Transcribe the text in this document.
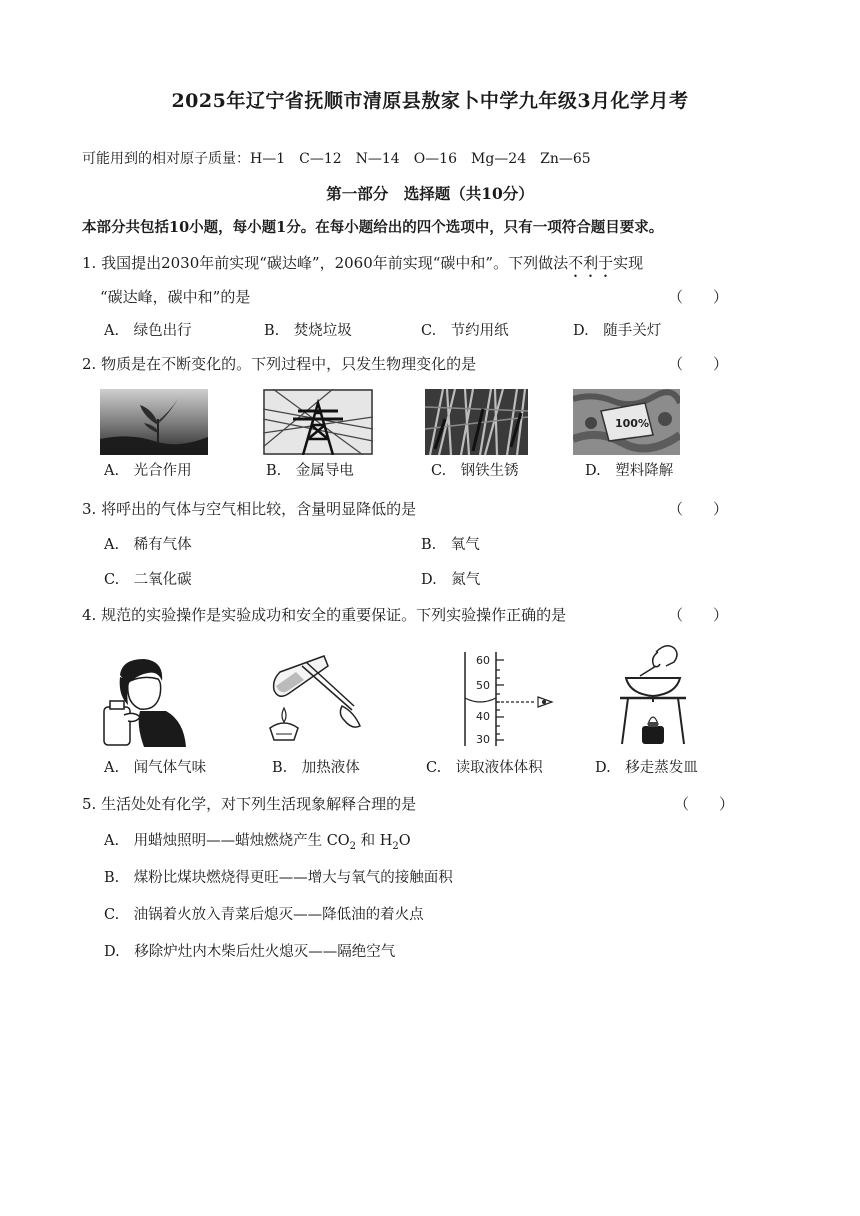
2025年辽宁省抚顺市清原县敖家卜中学九年级3月化学月考
可能用到的相对原子质量：H—1　C—12　N—14　O—16　Mg—24　Zn—65
第一部分　选择题（共10分）
本部分共包括10小题，每小题1分。在每小题给出的四个选项中，只有一项符合题目要求。
1. 我国提出2030年前实现“碳达峰”，2060年前实现“碳中和”。下列做法不利于实现
“碳达峰，碳中和”的是	（　　）
A.　绿色出行	B.　焚烧垃圾	C.　节约用纸	D.　随手关灯
2. 物质是在不断变化的。下列过程中，只发生物理变化的是	（　　）
100%
A.　光合作用	B.　金属导电	C.　钢铁生锈	D.　塑料降解
3. 将呼出的气体与空气相比较，含量明显降低的是	（　　）
A.　稀有气体	B.　氧气
C.　二氧化碳	D.　氮气
4. 规范的实验操作是实验成功和安全的重要保证。下列实验操作正确的是	（　　）
60
50
40
30
A.　闻气体气味	B.　加热液体	C.　读取液体体积	D.　移走蒸发皿
5. 生活处处有化学，对下列生活现象解释合理的是	（　　）
A.　用蜡烛照明——蜡烛燃烧产生 $CO_2$ 和 $H_2O$
B.　煤粉比煤块燃烧得更旺——增大与氧气的接触面积
C.　油锅着火放入青菜后熄灭——降低油的着火点
D.　移除炉灶内木柴后灶火熄灭——隔绝空气
